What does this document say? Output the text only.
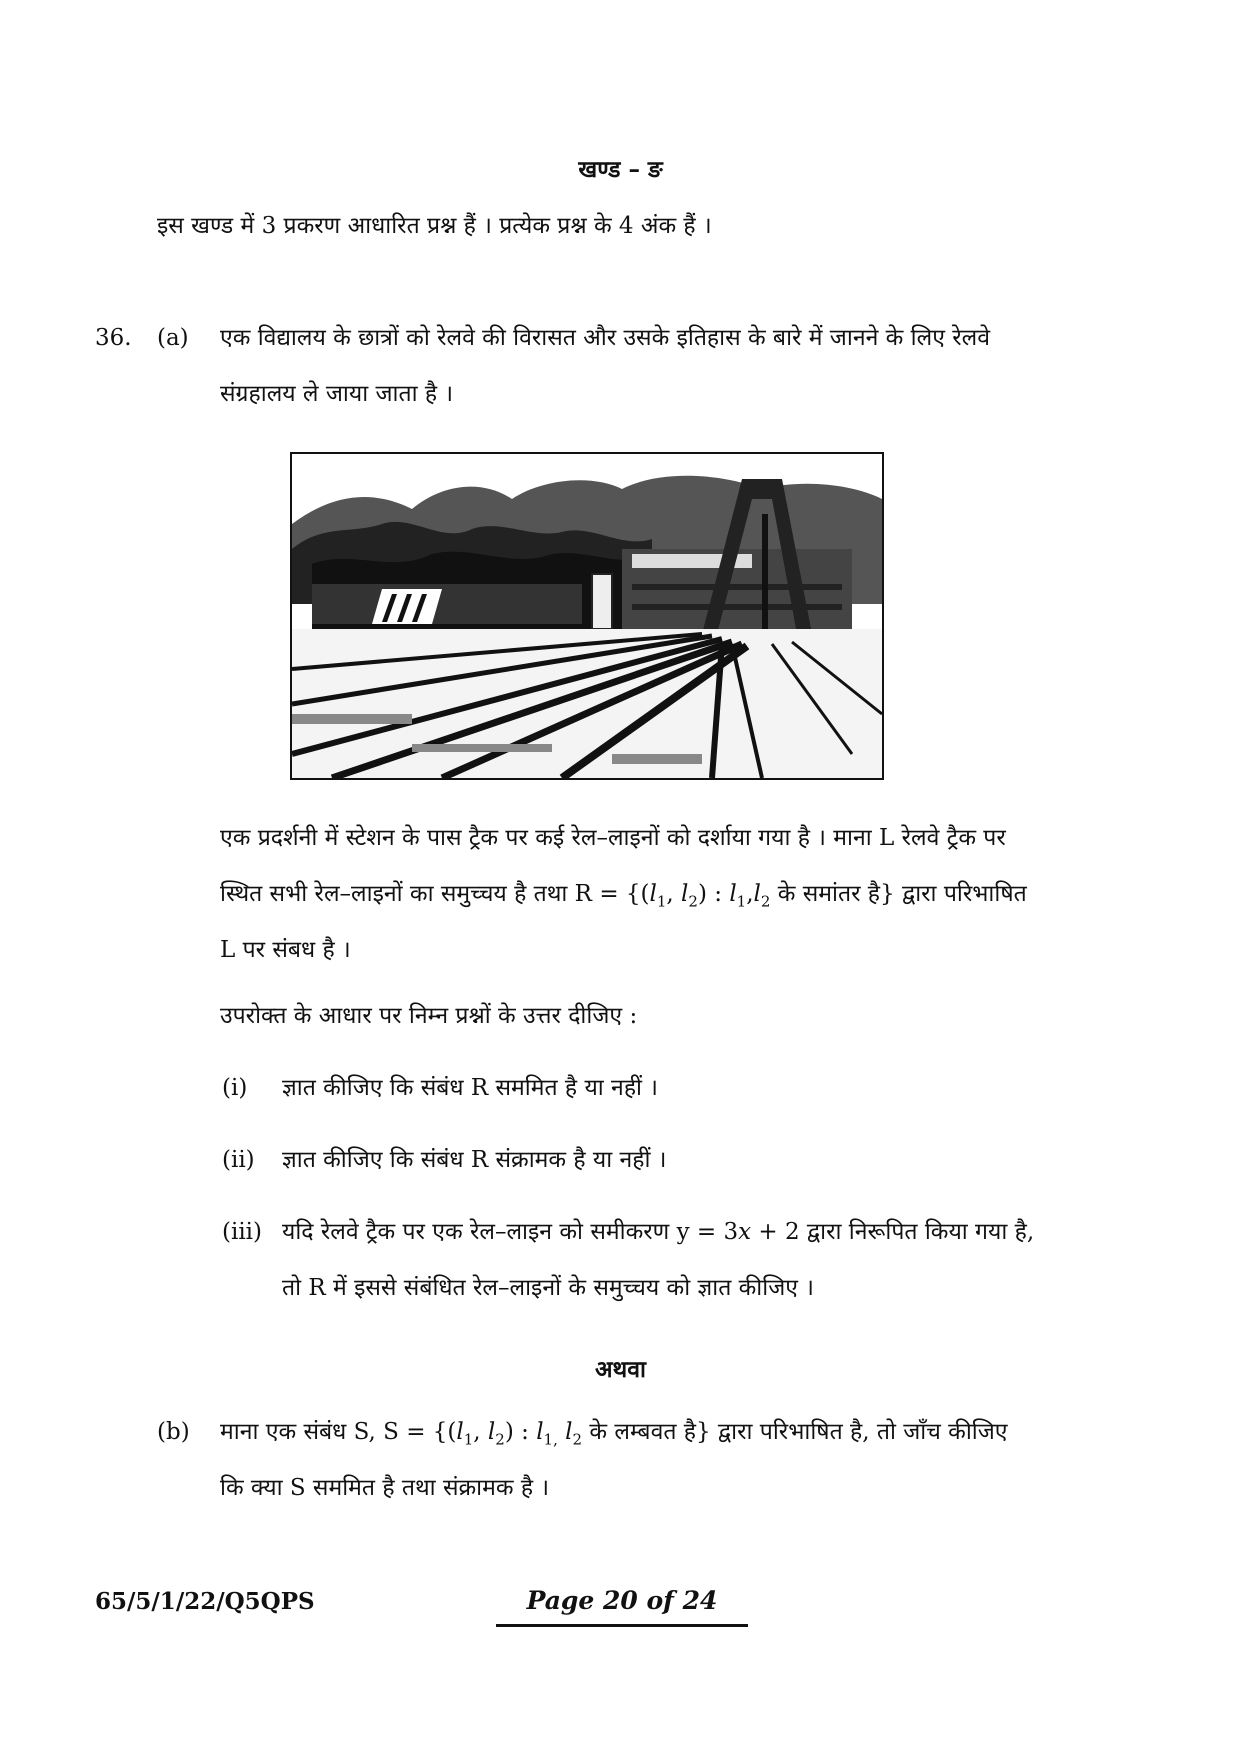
खण्ड – ङ
इस खण्ड में 3 प्रकरण आधारित प्रश्न हैं । प्रत्येक प्रश्न के 4 अंक हैं ।
36. (a) एक विद्यालय के छात्रों को रेलवे की विरासत और उसके इतिहास के बारे में जानने के लिए रेलवे
संग्रहालय ले जाया जाता है ।
एक प्रदर्शनी में स्टेशन के पास ट्रैक पर कई रेल–लाइनों को दर्शाया गया है । माना L रेलवे ट्रैक पर
स्थित सभी रेल–लाइनों का समुच्चय है तथा $R = \{(l_1$, $l_2$) : $l_1,l_2$ के समांतर है} द्वारा परिभाषित
L पर संबध है ।
उपरोक्त के आधार पर निम्न प्रश्नों के उत्तर दीजिए :
(i) ज्ञात कीजिए कि संबंध R सममित है या नहीं ।
(ii) ज्ञात कीजिए कि संबंध R संक्रामक है या नहीं ।
(iii) यदि रेलवे ट्रैक पर एक रेल–लाइन को समीकरण y = 3x + 2 द्वारा निरूपित किया गया है,
तो R में इससे संबंधित रेल–लाइनों के समुच्चय को ज्ञात कीजिए ।
अथवा
(b) माना एक संबंध S, $S = \{(l_1$, $l_2$) : $l_{1,}$ $l_2$ के लम्बवत है} द्वारा परिभाषित है, तो जाँच कीजिए
कि क्या S सममित है तथा संक्रामक है ।
65/5/1/22/Q5QPS	Page 20 of 24
